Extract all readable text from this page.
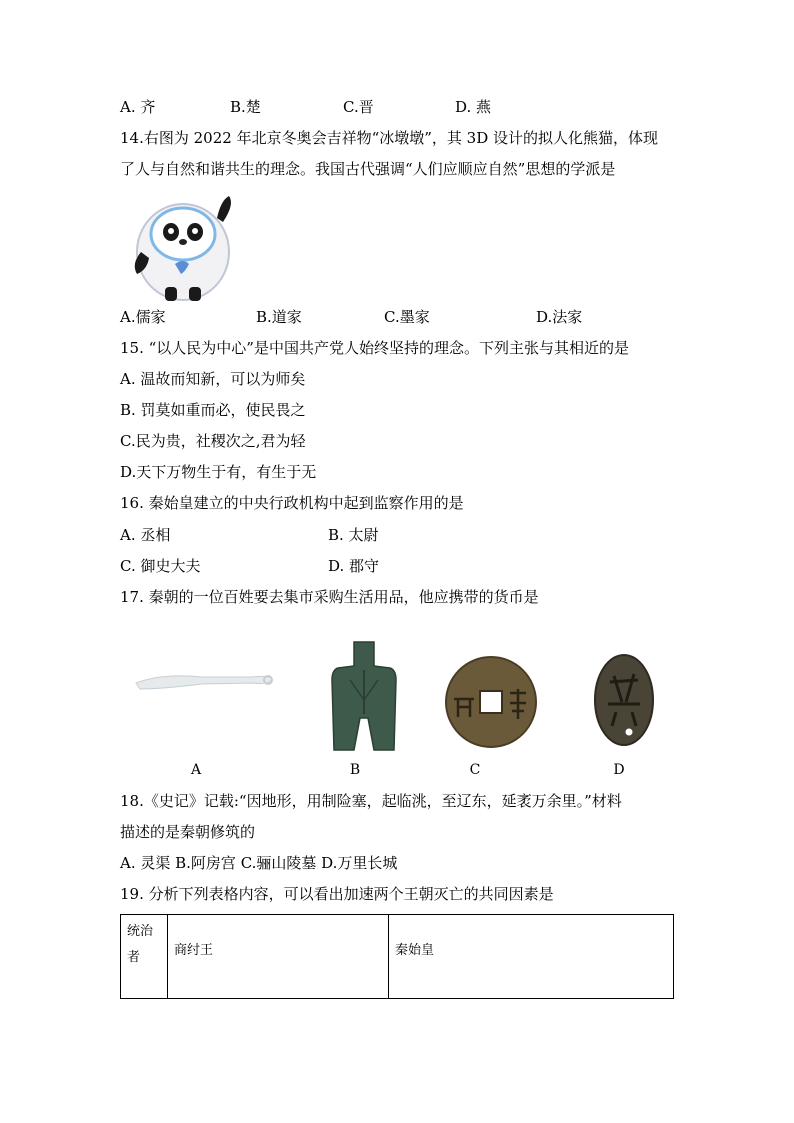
A. 齐	B.楚	C.晋	D. 燕
14.右图为 2022 年北京冬奥会吉祥物“冰墩墩”，其 3D 设计的拟人化熊猫，体现
了人与自然和谐共生的理念。我国古代强调“人们应顺应自然”思想的学派是
A.儒家	B.道家	C.墨家	D.法家
15. “以人民为中心”是中国共产党人始终坚持的理念。下列主张与其相近的是
A. 温故而知新，可以为师矣
B. 罚莫如重而必，使民畏之
C.民为贵，社稷次之,君为轻
D.天下万物生于有，有生于无
16. 秦始皇建立的中央行政机构中起到监察作用的是
A. 丞相	B. 太尉
C. 御史大夫	D. 郡守
17. 秦朝的一位百姓要去集市采购生活用品，他应携带的货币是
A	B	C	D
18.《史记》记载:“因地形，用制险塞，起临洮，至辽东，延袤万余里。”材料
描述的是秦朝修筑的
A. 灵渠 B.阿房宫 C.骊山陵墓 D.万里长城
19. 分析下列表格内容，可以看出加速两个王朝灭亡的共同因素是
统治者	商纣王	秦始皇
